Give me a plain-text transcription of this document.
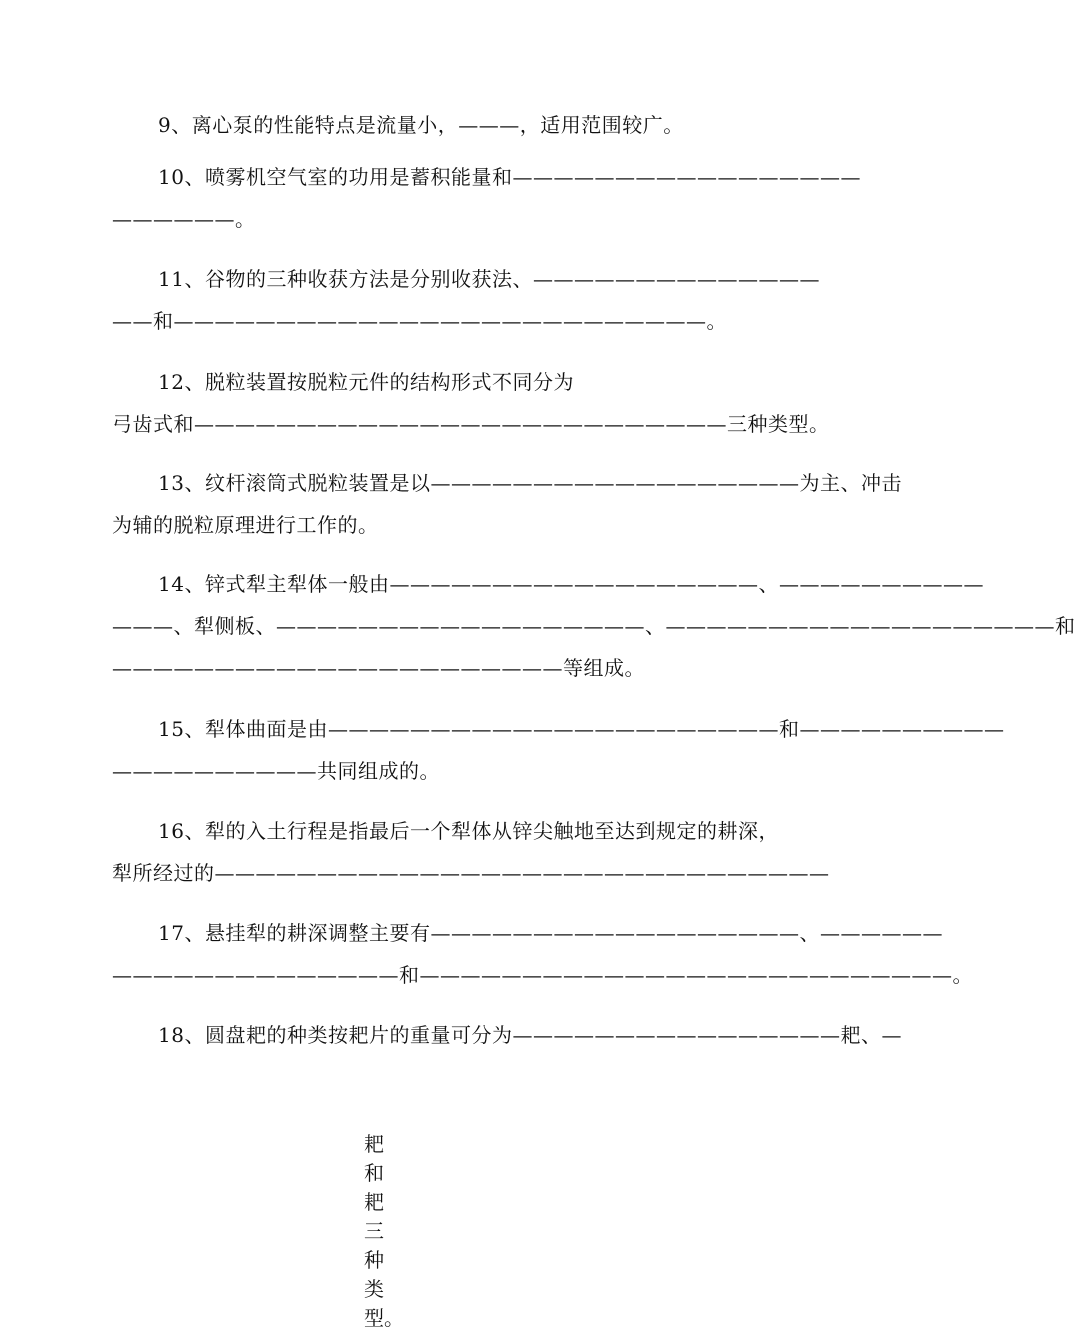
9、离心泵的性能特点是流量小，———，适用范围较广。
10、喷雾机空气室的功用是蓄积能量和—————————————————
——————。
11、谷物的三种收获方法是分别收获法、——————————————
——和——————————————————————————。
12、脱粒装置按脱粒元件的结构形式不同分为
弓齿式和——————————————————————————三种类型。
13、纹杆滚筒式脱粒装置是以——————————————————为主、冲击
为辅的脱粒原理进行工作的。
14、锌式犁主犁体一般由——————————————————、——————————
———、犁侧板、——————————————————、———————————————————和
——————————————————————等组成。
15、犁体曲面是由——————————————————————和——————————
——————————共同组成的。
16、犁的入土行程是指最后一个犁体从锌尖触地至达到规定的耕深，
犁所经过的——————————————————————————————
17、悬挂犁的耕深调整主要有——————————————————、——————
——————————————和——————————————————————————。
18、圆盘耙的种类按耙片的重量可分为————————————————耙、—
耙
和
耙
三
种
类
型。
